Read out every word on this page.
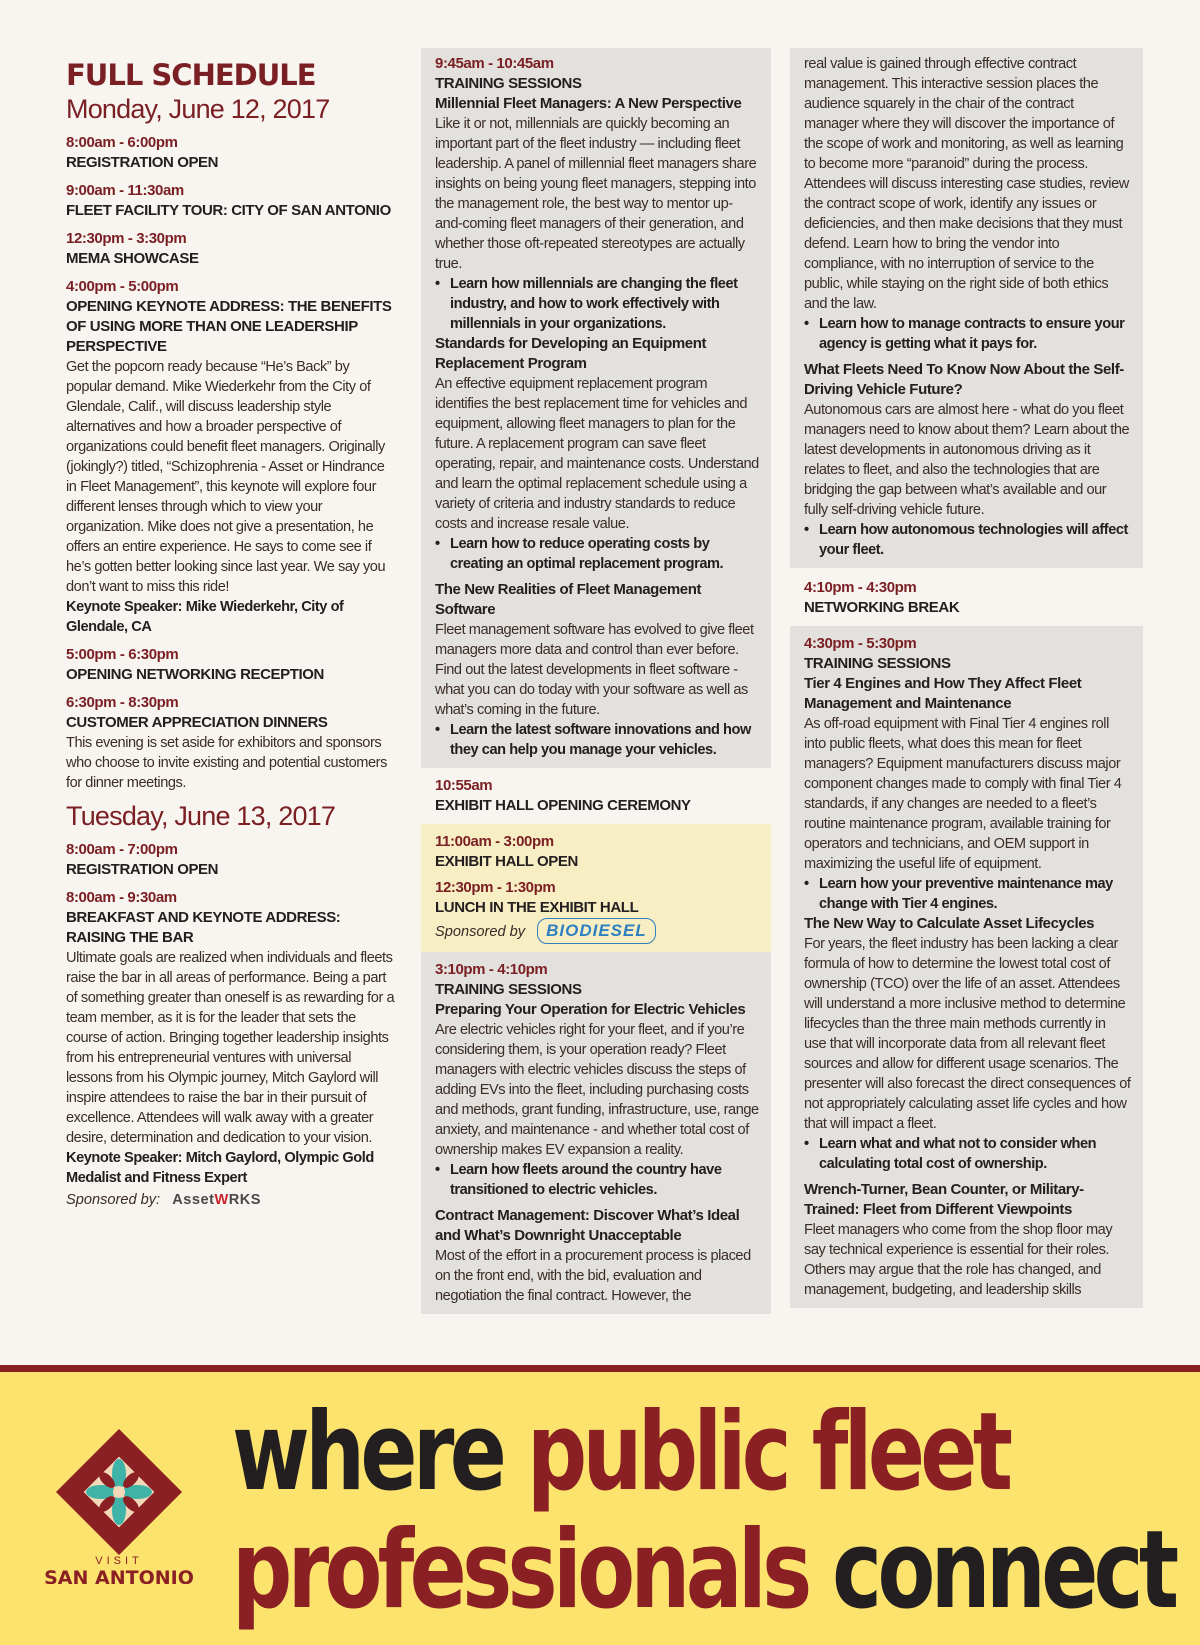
FULL SCHEDULE
Monday, June 12, 2017
8:00am - 6:00pm
REGISTRATION OPEN
9:00am - 11:30am
FLEET FACILITY TOUR: CITY OF SAN ANTONIO
12:30pm - 3:30pm
MEMA SHOWCASE
4:00pm - 5:00pm
OPENING KEYNOTE ADDRESS: THE BENEFITS OF USING MORE THAN ONE LEADERSHIP PERSPECTIVE
Get the popcorn ready because “He’s Back” by popular demand. Mike Wiederkehr from the City of Glendale, Calif., will discuss leadership style alternatives and how a broader perspective of organizations could benefit fleet managers. Originally (jokingly?) titled, “Schizophrenia - Asset or Hindrance in Fleet Management”, this keynote will explore four different lenses through which to view your organization. Mike does not give a presentation, he offers an entire experience. He says to come see if he’s gotten better looking since last year. We say you don’t want to miss this ride!
Keynote Speaker: Mike Wiederkehr, City of Glendale, CA
5:00pm - 6:30pm
OPENING NETWORKING RECEPTION
6:30pm - 8:30pm
CUSTOMER APPRECIATION DINNERS
This evening is set aside for exhibitors and sponsors who choose to invite existing and potential customers for dinner meetings.
Tuesday, June 13, 2017
8:00am - 7:00pm
REGISTRATION OPEN
8:00am - 9:30am
BREAKFAST AND KEYNOTE ADDRESS: RAISING THE BAR
Ultimate goals are realized when individuals and fleets raise the bar in all areas of performance. Being a part of something greater than oneself is as rewarding for a team member, as it is for the leader that sets the course of action. Bringing together leadership insights from his entrepreneurial ventures with universal lessons from his Olympic journey, Mitch Gaylord will inspire attendees to raise the bar in their pursuit of excellence. Attendees will walk away with a greater desire, determination and dedication to your vision.
Keynote Speaker: Mitch Gaylord, Olympic Gold Medalist and Fitness Expert
Sponsored by: AssetWRKS
9:45am - 10:45am
TRAINING SESSIONS
Millennial Fleet Managers: A New Perspective
Like it or not, millennials are quickly becoming an important part of the fleet industry — including fleet leadership. A panel of millennial fleet managers share insights on being young fleet managers, stepping into the management role, the best way to mentor up-and-coming fleet managers of their generation, and whether those oft-repeated stereotypes are actually true.
• Learn how millennials are changing the fleet industry, and how to work effectively with millennials in your organizations.
Standards for Developing an Equipment Replacement Program
An effective equipment replacement program identifies the best replacement time for vehicles and equipment, allowing fleet managers to plan for the future. A replacement program can save fleet operating, repair, and maintenance costs. Understand and learn the optimal replacement schedule using a variety of criteria and industry standards to reduce costs and increase resale value.
• Learn how to reduce operating costs by creating an optimal replacement program.
The New Realities of Fleet Management Software
Fleet management software has evolved to give fleet managers more data and control than ever before. Find out the latest developments in fleet software - what you can do today with your software as well as what’s coming in the future.
• Learn the latest software innovations and how they can help you manage your vehicles.
10:55am
EXHIBIT HALL OPENING CEREMONY
11:00am - 3:00pm
EXHIBIT HALL OPEN
12:30pm - 1:30pm
LUNCH IN THE EXHIBIT HALL
Sponsored by BIODIESEL
3:10pm - 4:10pm
TRAINING SESSIONS
Preparing Your Operation for Electric Vehicles
Are electric vehicles right for your fleet, and if you’re considering them, is your operation ready? Fleet managers with electric vehicles discuss the steps of adding EVs into the fleet, including purchasing costs and methods, grant funding, infrastructure, use, range anxiety, and maintenance - and whether total cost of ownership makes EV expansion a reality.
• Learn how fleets around the country have transitioned to electric vehicles.
Contract Management: Discover What’s Ideal and What’s Downright Unacceptable
Most of the effort in a procurement process is placed on the front end, with the bid, evaluation and negotiation the final contract. However, the
real value is gained through effective contract management. This interactive session places the audience squarely in the chair of the contract manager where they will discover the importance of the scope of work and monitoring, as well as learning to become more “paranoid” during the process. Attendees will discuss interesting case studies, review the contract scope of work, identify any issues or deficiencies, and then make decisions that they must defend. Learn how to bring the vendor into compliance, with no interruption of service to the public, while staying on the right side of both ethics and the law.
• Learn how to manage contracts to ensure your agency is getting what it pays for.
What Fleets Need To Know Now About the Self-Driving Vehicle Future?
Autonomous cars are almost here - what do you fleet managers need to know about them? Learn about the latest developments in autonomous driving as it relates to fleet, and also the technologies that are bridging the gap between what’s available and our fully self-driving vehicle future.
• Learn how autonomous technologies will affect your fleet.
4:10pm - 4:30pm
NETWORKING BREAK
4:30pm - 5:30pm
TRAINING SESSIONS
Tier 4 Engines and How They Affect Fleet Management and Maintenance
As off-road equipment with Final Tier 4 engines roll into public fleets, what does this mean for fleet managers? Equipment manufacturers discuss major component changes made to comply with final Tier 4 standards, if any changes are needed to a fleet’s routine maintenance program, available training for operators and technicians, and OEM support in maximizing the useful life of equipment.
• Learn how your preventive maintenance may change with Tier 4 engines.
The New Way to Calculate Asset Lifecycles
For years, the fleet industry has been lacking a clear formula of how to determine the lowest total cost of ownership (TCO) over the life of an asset. Attendees will understand a more inclusive method to determine lifecycles than the three main methods currently in use that will incorporate data from all relevant fleet sources and allow for different usage scenarios. The presenter will also forecast the direct consequences of not appropriately calculating asset life cycles and how that will impact a fleet.
• Learn what and what not to consider when calculating total cost of ownership.
Wrench-Turner, Bean Counter, or Military-Trained: Fleet from Different Viewpoints
Fleet managers who come from the shop floor may say technical experience is essential for their roles. Others may argue that the role has changed, and management, budgeting, and leadership skills
VISIT
SAN ANTONIO
where public fleet
professionals connect
